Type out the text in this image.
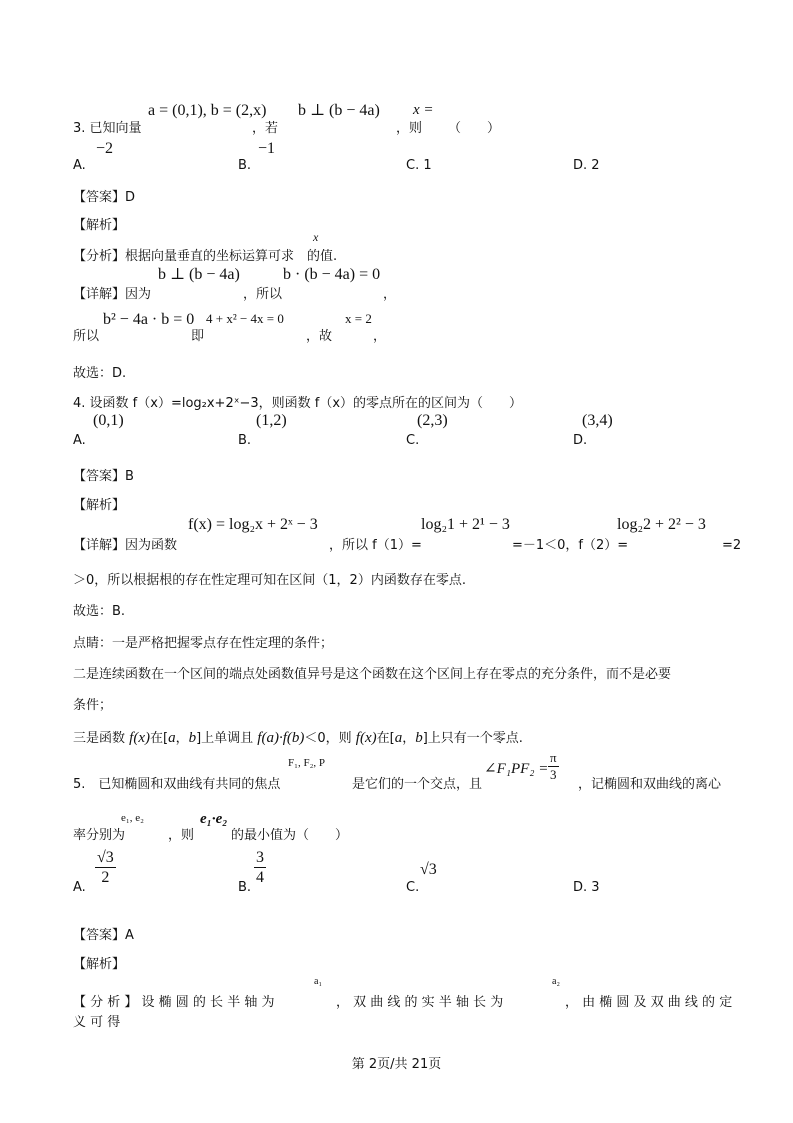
a = (0,1), b = (2,x) b ⊥ (b − 4a) x =
3. 已知向量	，若	，则 （　　）
−2	−1
A.	B.	C. 1	D. 2
【答案】D
【解析】
x
【分析】根据向量垂直的坐标运算可求　的值.
b ⊥ (b − 4a)	b · (b − 4a) = 0
【详解】因为	，所以	，
b² − 4a · b = 0 4 + x² − 4x = 0	x = 2
所以	即	，故	，
故选：D.
4. 设函数 f（x）=log₂x+2ˣ−3，则函数 f（x）的零点所在的区间为（　　）
(0,1)	(1,2)	(2,3)	(3,4)
A.	B.	C.	D.
【答案】B
【解析】
f(x) = log₂x + 2ˣ − 3	log₂1 + 2¹ − 3	log₂2 + 2² − 3
【详解】因为函数	，所以 f（1）=	=－1＜0，f（2）=	=2
＞0，所以根据根的存在性定理可知在区间（1，2）内函数存在零点.
故选：B.
点睛：一是严格把握零点存在性定理的条件；
二是连续函数在一个区间的端点处函数值异号是这个函数在这个区间上存在零点的充分条件，而不是必要
条件；
三是函数 f(x)在[a，b]上单调且 f(a)·f(b)＜0，则 f(x)在[a，b]上只有一个零点.
F₁, F₂, P	∠F₁PF₂ = $\frac{\pi}{3}$
5.　已知椭圆和双曲线有共同的焦点	是它们的一个交点，且	，记椭圆和双曲线的离心
e₁, e₂	e₁·e₂
率分别为	，则	的最小值为（　　）
$\frac{√3}{2}$	$\frac{3}{4}$	√3
A.	B.	C.	D. 3
【答案】A
【解析】
a₁	a₂
【 分 析 】 设 椭 圆 的 长 半 轴 为	， 双 曲 线 的 实 半 轴 长 为	， 由 椭 圆 及 双 曲 线 的 定
义 可 得
第 2页/共 21页
